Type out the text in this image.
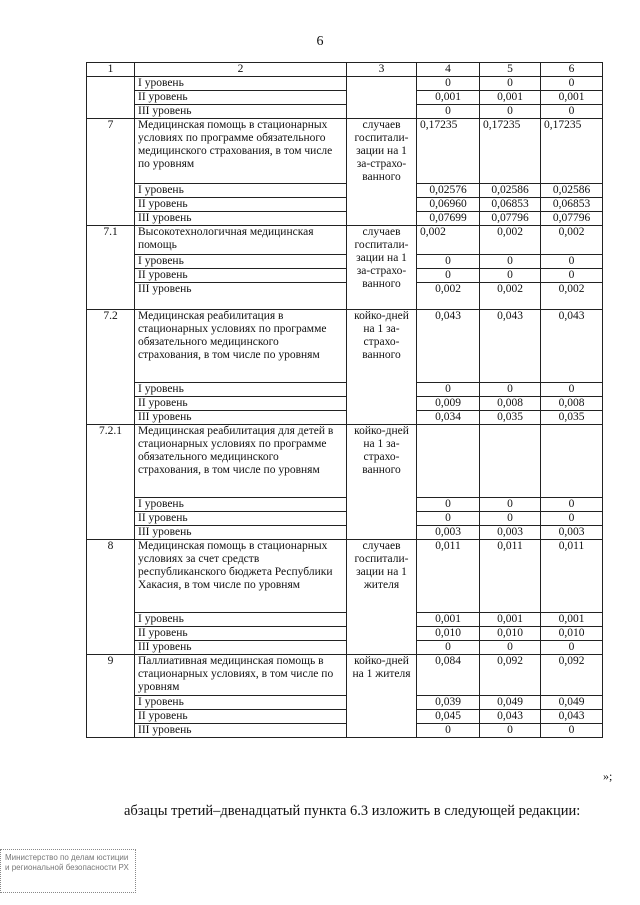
6
1	2	3	4	5	6
	I уровень		0	0	0
	II уровень		0,001	0,001	0,001
	III уровень		0	0	0
7	Медицинская помощь в стационарных условиях по программе обязательного медицинского страхования, в том числе по уровням	случаев госпитали-зации на 1 за-страхо-ванного	0,17235	0,17235	0,17235
	I уровень		0,02576	0,02586	0,02586
	II уровень		0,06960	0,06853	0,06853
	III уровень		0,07699	0,07796	0,07796
7.1	Высокотехнологичная медицинская помощь	случаев госпитали-зации на 1 за-страхо-ванного	0,002	0,002	0,002
	I уровень		0	0	0
	II уровень		0	0	0
	III уровень		0,002	0,002	0,002
7.2	Медицинская реабилитация в стационарных условиях по программе обязательного медицинского страхования, в том числе по уровням	койко-дней на 1 за-страхо-ванного	0,043	0,043	0,043
	I уровень		0	0	0
	II уровень		0,009	0,008	0,008
	III уровень		0,034	0,035	0,035
7.2.1	Медицинская реабилитация для детей в стационарных условиях по программе обязательного медицинского страхования, в том числе по уровням	койко-дней на 1 за-страхо-ванного			
	I уровень		0	0	0
	II уровень		0	0	0
	III уровень		0,003	0,003	0,003
8	Медицинская помощь в стационарных условиях за счет средств республиканского бюджета Республики Хакасия, в том числе по уровням	случаев госпитали-зации на 1 жителя	0,011	0,011	0,011
	I уровень		0,001	0,001	0,001
	II уровень		0,010	0,010	0,010
	III уровень		0	0	0
9	Паллиативная медицинская помощь в стационарных условиях, в том числе по уровням	койко-дней на 1 жителя	0,084	0,092	0,092
	I уровень		0,039	0,049	0,049
	II уровень		0,045	0,043	0,043
	III уровень		0	0	0
»;
абзацы третий–двенадцатый пункта 6.3 изложить в следующей редакции:
Министерство по делам юстиции и региональной безопасности РХ
